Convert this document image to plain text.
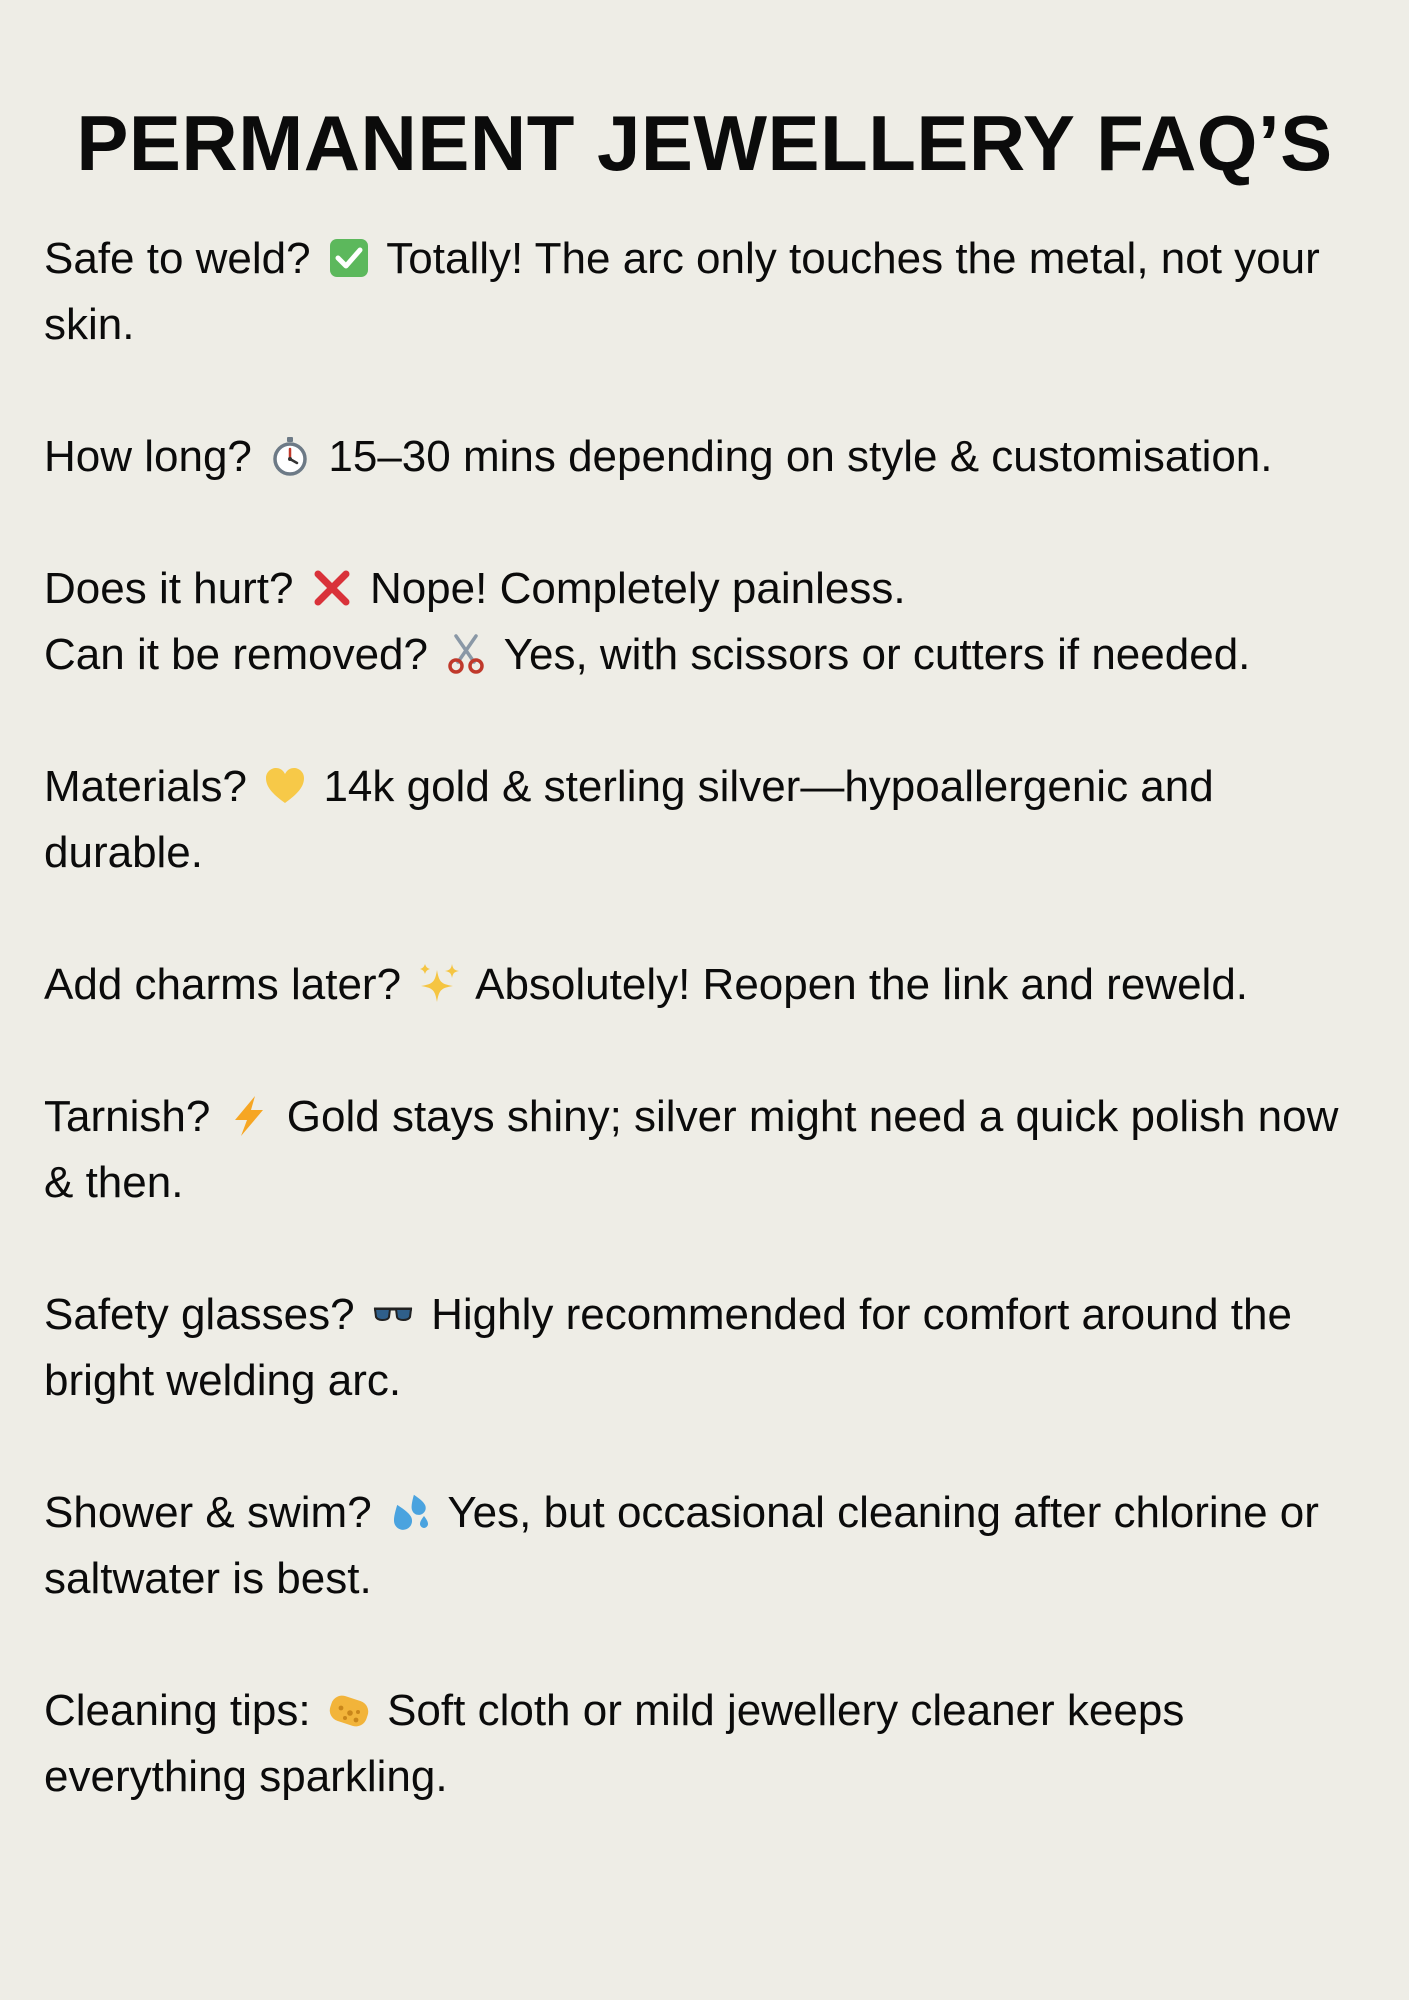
PERMANENT JEWELLERY FAQ’S

Safe to weld? Totally! The arc only touches the metal, not your skin.

How long? 15–30 mins depending on style & customisation.

Does it hurt? Nope! Completely painless.

Can it be removed? Yes, with scissors or cutters if needed.

Materials? 14k gold & sterling silver—hypoallergenic and durable.

Add charms later? Absolutely! Reopen the link and reweld.

Tarnish? Gold stays shiny; silver might need a quick polish now & then.

Safety glasses? Highly recommended for comfort around the bright welding arc.

Shower & swim? Yes, but occasional cleaning after chlorine or saltwater is best.

Cleaning tips: Soft cloth or mild jewellery cleaner keeps everything sparkling.
